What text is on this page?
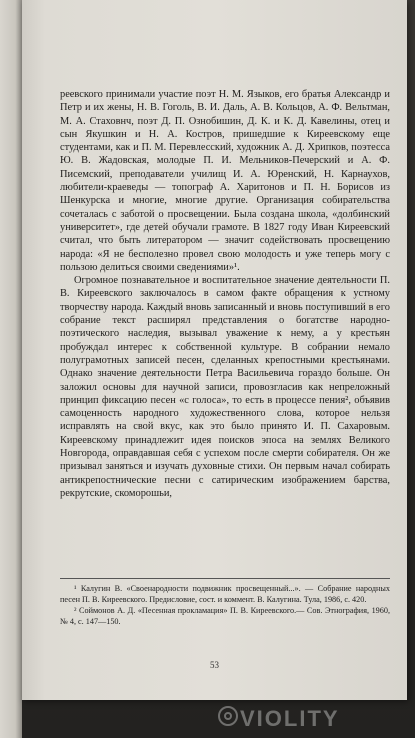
реевского принимали участие поэт Н. М. Языков, его братья Александр и Петр и их жены, Н. В. Гоголь, В. И. Даль, А. В. Кольцов, А. Ф. Вельтман, М. А. Стаховнч, поэт Д. П. Ознобишин, Д. К. и К. Д. Кавелины, отец и сын Якушкин и Н. А. Костров, пришедшие к Киреевскому еще студентами, как и П. М. Перевлесский, художник А. Д. Хрипков, поэтесса Ю. В. Жадовская, молодые П. И. Мельников-Печерский и А. Ф. Писемский, преподаватели училищ И. А. Юренский, Н. Карнаухов, любители-краеведы — топограф А. Харитонов и П. Н. Борисов из Шенкурска и многие, многие другие. Организация собирательства сочеталась с заботой о просвещении. Была создана школа, «долбинский университет», где детей обучали грамоте. В 1827 году Иван Киреевский считал, что быть литератором — значит содействовать просвещению народа: «Я не бесполезно провел свою молодость и уже теперь могу с пользою делиться своими сведениями»¹.

Огромное познавательное и воспитательное значение деятельности П. В. Киреевского заключалось в самом факте обращения к устному творчеству народа. Каждый вновь записанный и вновь поступивший в его собрание текст расширял представления о богатстве народно-поэтического наследия, вызывал уважение к нему, а у крестьян пробуждал интерес к собственной культуре. В собрании немало полуграмотных записей песен, сделанных крепостными крестьянами. Однако значение деятельности Петра Васильевича гораздо больше. Он заложил основы для научной записи, провозгласив как непреложный принцип фиксацию песен «с голоса», то есть в процессе пения², объявив самоценность народного художественного слова, которое нельзя исправлять на свой вкус, как это было принято И. П. Сахаровым. Киреевскому принадлежит идея поисков эпоса на землях Великого Новгорода, оправдавшая себя с успехом после смерти собирателя. Он же призывал заняться и изучать духовные стихи. Он первым начал собирать антикрепостнические песни с сатирическим изображением барства, рекрутские, скоморошьи,

¹ Калугин В. «Своенародности подвижник просвещенный...». — Собрание народных песен П. В. Киреевского. Предисловие, сост. и коммент. В. Калугина. Тула, 1986, с. 420.

² Соймонов А. Д. «Песенная прокламация» П. В. Киреевского.— Сов. Этнография, 1960, № 4, с. 147—150.

53
VIOLITY
